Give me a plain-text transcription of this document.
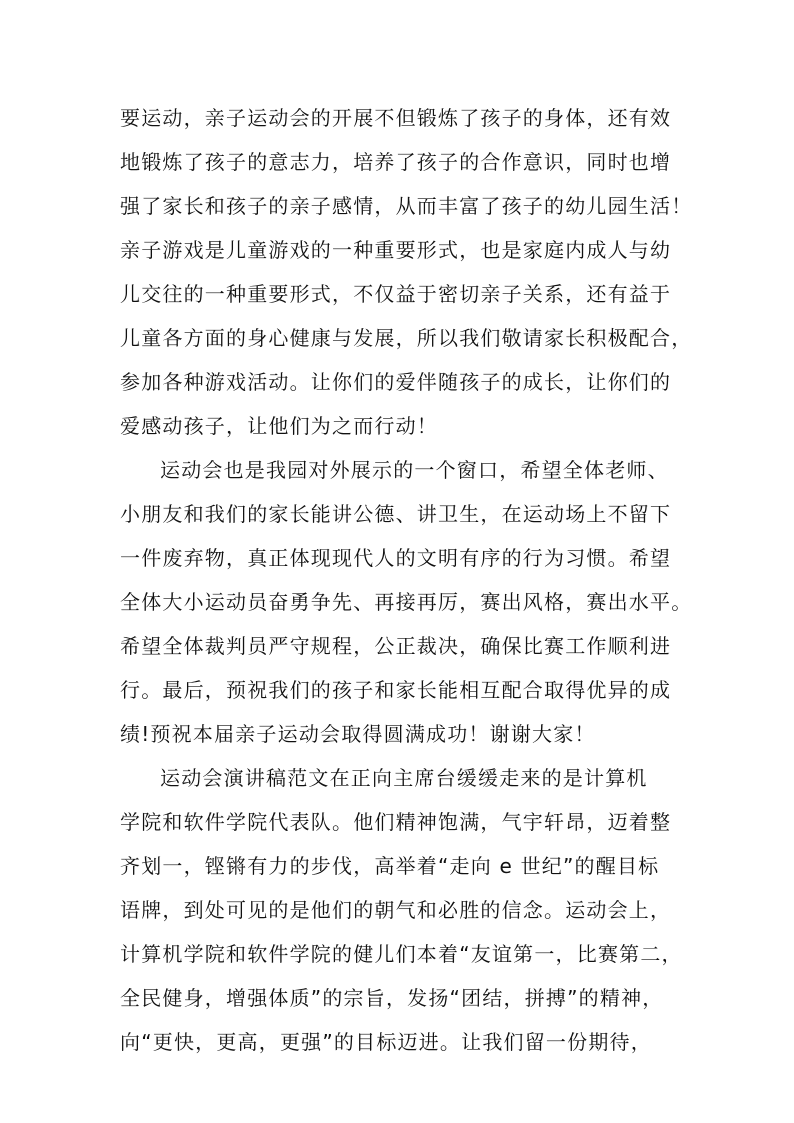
要运动，亲子运动会的开展不但锻炼了孩子的身体，还有效
地锻炼了孩子的意志力，培养了孩子的合作意识，同时也增
强了家长和孩子的亲子感情，从而丰富了孩子的幼儿园生活！
亲子游戏是儿童游戏的一种重要形式，也是家庭内成人与幼
儿交往的一种重要形式，不仅益于密切亲子关系，还有益于
儿童各方面的身心健康与发展，所以我们敬请家长积极配合，
参加各种游戏活动。让你们的爱伴随孩子的成长，让你们的
爱感动孩子，让他们为之而行动！
运动会也是我园对外展示的一个窗口，希望全体老师、
小朋友和我们的家长能讲公德、讲卫生，在运动场上不留下
一件废弃物，真正体现现代人的文明有序的行为习惯。希望
全体大小运动员奋勇争先、再接再厉，赛出风格，赛出水平。
希望全体裁判员严守规程，公正裁决，确保比赛工作顺利进
行。最后，预祝我们的孩子和家长能相互配合取得优异的成
绩!预祝本届亲子运动会取得圆满成功！谢谢大家！
运动会演讲稿范文在正向主席台缓缓走来的是计算机
学院和软件学院代表队。他们精神饱满，气宇轩昂，迈着整
齐划一，铿锵有力的步伐，高举着“走向 e 世纪”的醒目标
语牌，到处可见的是他们的朝气和必胜的信念。运动会上，
计算机学院和软件学院的健儿们本着“友谊第一，比赛第二，
全民健身，增强体质”的宗旨，发扬“团结，拼搏”的精神，
向“更快，更高，更强”的目标迈进。让我们留一份期待，
